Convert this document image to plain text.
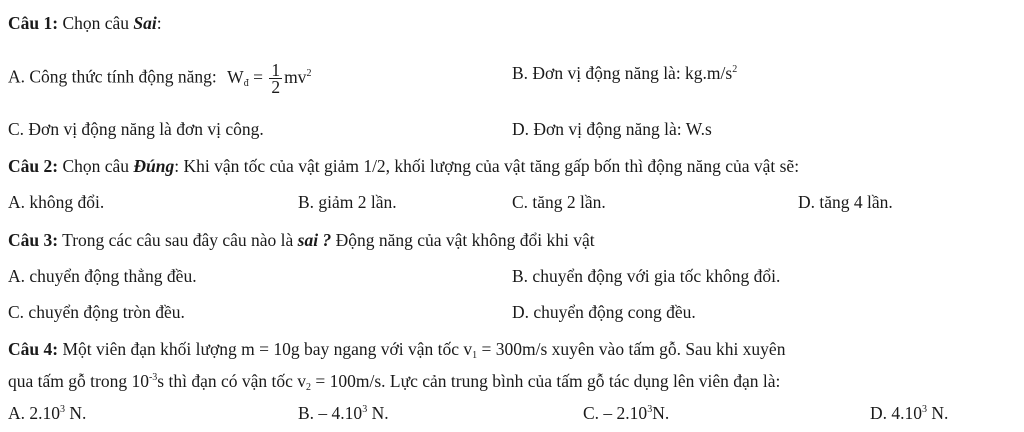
Câu 1: Chọn câu Sai:
A. Công thức tính động năng: $W_đ = \frac{1}{2} mv^2$	B. Đơn vị động năng là: $kg.m/s^2$
C. Đơn vị động năng là đơn vị công.	D. Đơn vị động năng là: W.s
Câu 2: Chọn câu Đúng: Khi vận tốc của vật giảm 1/2, khối lượng của vật tăng gấp bốn thì động năng của vật sẽ:
A. không đổi.	B. giảm 2 lần.	C. tăng 2 lần.	D. tăng 4 lần.
Câu 3: Trong các câu sau đây câu nào là sai ? Động năng của vật không đổi khi vật
A. chuyển động thẳng đều.	B. chuyển động với gia tốc không đổi.
C. chuyển động tròn đều.	D. chuyển động cong đều.
Câu 4: Một viên đạn khối lượng m = 10g bay ngang với vận tốc $v_1 = 300m/s$ xuyên vào tấm gỗ. Sau khi xuyên
qua tấm gỗ trong $10^{-3}s$ thì đạn có vận tốc $v_2 = 100m/s$. Lực cản trung bình của tấm gỗ tác dụng lên viên đạn là:
A. 2.10$^3$ N.	B. – 4.10$^3$ N.	C. – 2.10$^3$N.	D. 4.10$^3$ N.
